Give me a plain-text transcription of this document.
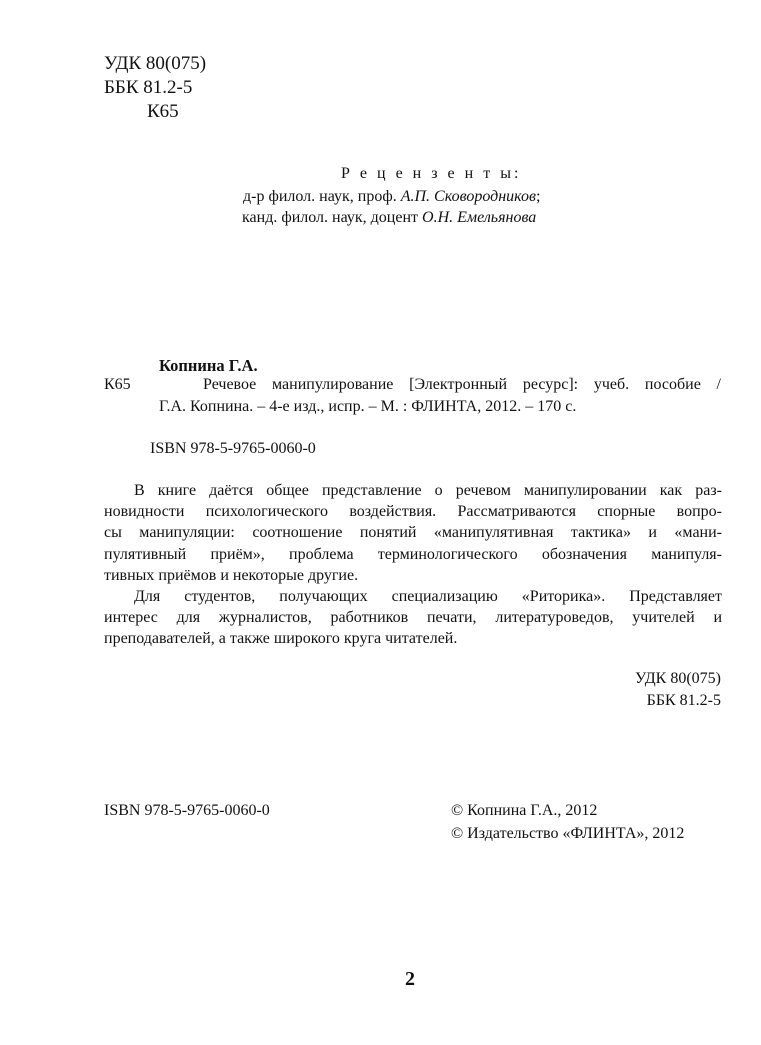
УДК 80(075)
ББК 81.2-5
К65
Р е ц е н з е н т ы:
д-р филол. наук, проф. А.П. Сковородников;
канд. филол. наук, доцент О.Н. Емельянова
Копнина Г.А.
К65	Речевое манипулирование [Электронный ресурс]: учеб. пособие /
Г.А. Копнина. – 4-е изд., испр. – М. : ФЛИНТА, 2012. – 170 с.
ISBN 978-5-9765-0060-0
В книге даётся общее представление о речевом манипулировании как раз-
новидности психологического воздействия. Рассматриваются спорные вопро-
сы манипуляции: соотношение понятий «манипулятивная тактика» и «мани-
пулятивный приём», проблема терминологического обозначения манипуля-
тивных приёмов и некоторые другие.
Для студентов, получающих специализацию «Риторика». Представляет
интерес для журналистов, работников печати, литературоведов, учителей и
преподавателей, а также широкого круга читателей.
УДК 80(075)
ББК 81.2-5
ISBN 978-5-9765-0060-0	© Копнина Г.А., 2012
© Издательство «ФЛИНТА», 2012
2
